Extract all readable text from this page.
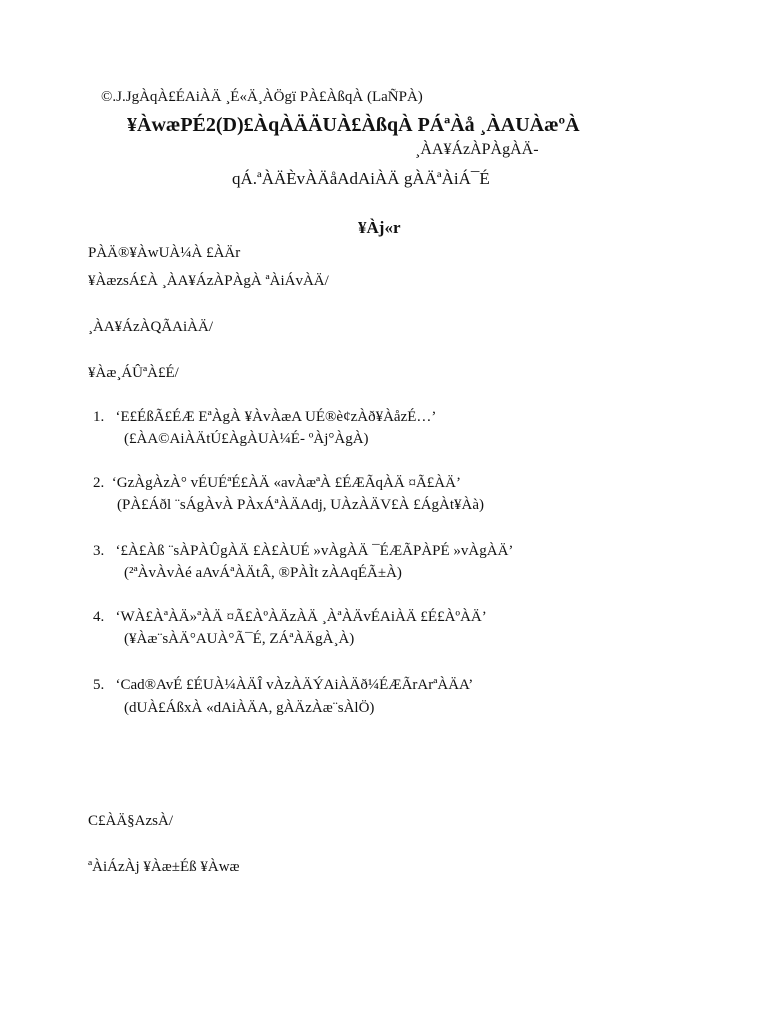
©.J.JgÀqÀ£ÉAiÀÄ ¸É«Ä¸ÀÖgï PÀ£ÀßqÀ (LaÑPÀ)
¥ÀwæPÉ2(D)£ÀqÀÄÄUÀ£ÀßqÀ PÁªÀå ¸ÀAUÀæºÀ
¸ÀA¥ÁzÀPÀgÀÄ-
qÁ.ªÀÄÈvÀÄåAdAiÀÄ gÀÄªÀiÁ¯É
¥Àj«r
PÀÄ®¥ÀwUÀ¼À £ÀÄr
¥ÀæzsÁ£À ¸ÀA¥ÁzÀPÀgÀ ªÀiÁvÀÄ/
¸ÀA¥ÁzÀQÃAiÀÄ/
¥Àæ¸ÁÛªÀ£É/
1. ‘E£ÉßÃ£ÉÆ EªÀgÀ ¥ÀvÀæA UÉ®è¢zÀð¥ÀåzÉ…’
(£ÀA©AiÀÄtÚ£ÀgÀUÀ¼É- ºÀj°ÀgÀ)
2. ‘GzÀgÀzÀ° vÉUÉªÉ£ÀÄ «avÀæªÀ £ÉÆÃqÀÄ ¤Ã£ÀÄ’
(PÀ£Áðl ¨sÁgÀvÀ PÀxÁªÀÄAdj, UÀzÀÄV£À £ÁgÀt¥Àà)
3. ‘£À£Àß ¨sÀPÀÛgÀÄ £À£ÀUÉ »vÀgÀÄ ¯ÉÆÃPÀPÉ »vÀgÀÄ’
(²ªÀvÀvÀé aAvÁªÀÄtÂ, ®PÀÌt zÀAqÉÃ±À)
4. ‘WÀ£ÀªÀÄ»ªÀÄ ¤Ã£ÀºÀÄzÀÄ ¸ÀªÀÄvÉAiÀÄ £É£ÀºÀÄ’
(¥Àæ¨sÀÄ°AUÀ°Ã¯É, ZÁªÀÄgÀ¸À)
5. ‘Cad®AvÉ £ÉUÀ¼ÀÄÎ vÀzÀÄÝAiÀÄð¼ÉÆÃrArªÀÄA’
(dUÀ£ÁßxÀ «dAiÀÄA, gÀÄzÀæ¨sÀlÖ)
C£ÀÄ§AzsÀ/
ªÀiÁzÀj ¥Àæ±Éß ¥Àwæ
